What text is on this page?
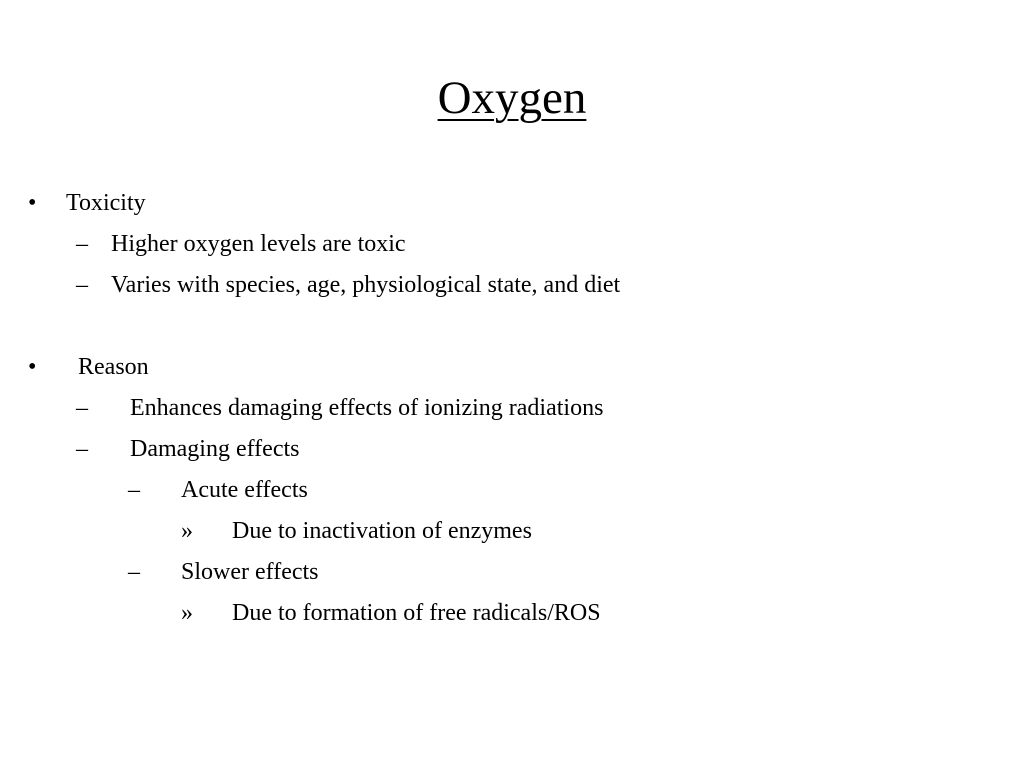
Oxygen
• Toxicity
– Higher oxygen levels are toxic
– Varies with species, age, physiological state, and diet
• Reason
– Enhances damaging effects of ionizing radiations
– Damaging effects
– Acute effects
» Due to inactivation of enzymes
– Slower effects
» Due to formation of free radicals/ROS
